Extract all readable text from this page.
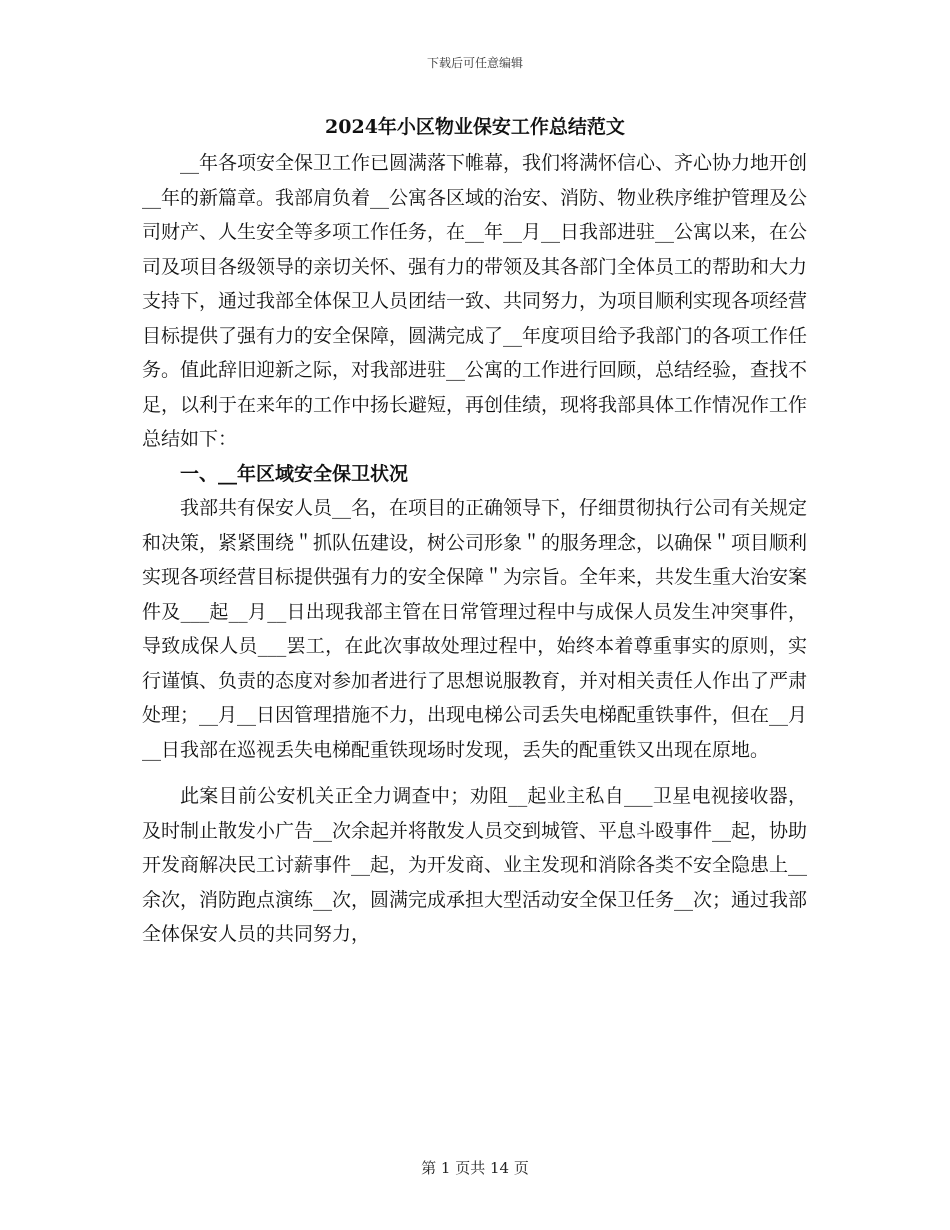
下载后可任意编辑
2024年小区物业保安工作总结范文

__年各项安全保卫工作已圆满落下帷幕，我们将满怀信心、齐心协力地开创__年的新篇章。我部肩负着__公寓各区域的治安、消防、物业秩序维护管理及公司财产、人生安全等多项工作任务，在__年__月__日我部进驻__公寓以来，在公司及项目各级领导的亲切关怀、强有力的带领及其各部门全体员工的帮助和大力支持下，通过我部全体保卫人员团结一致、共同努力，为项目顺利实现各项经营目标提供了强有力的安全保障，圆满完成了__年度项目给予我部门的各项工作任务。值此辞旧迎新之际，对我部进驻__公寓的工作进行回顾，总结经验，查找不足，以利于在来年的工作中扬长避短，再创佳绩，现将我部具体工作情况作工作总结如下：

一、__年区域安全保卫状况

我部共有保安人员__名，在项目的正确领导下，仔细贯彻执行公司有关规定和决策，紧紧围绕＂抓队伍建设，树公司形象＂的服务理念，以确保＂项目顺利实现各项经营目标提供强有力的安全保障＂为宗旨。全年来，共发生重大治安案件及___起__月__日出现我部主管在日常管理过程中与成保人员发生冲突事件，导致成保人员___罢工，在此次事故处理过程中，始终本着尊重事实的原则，实行谨慎、负责的态度对参加者进行了思想说服教育，并对相关责任人作出了严肃处理；__月__日因管理措施不力，出现电梯公司丢失电梯配重铁事件，但在__月__日我部在巡视丢失电梯配重铁现场时发现，丢失的配重铁又出现在原地。

此案目前公安机关正全力调查中；劝阻__起业主私自___卫星电视接收器，及时制止散发小广告__次余起并将散发人员交到城管、平息斗殴事件__起，协助开发商解决民工讨薪事件__起，为开发商、业主发现和消除各类不安全隐患上__余次，消防跑点演练__次，圆满完成承担大型活动安全保卫任务__次；通过我部全体保安人员的共同努力，

第 1 页共 14 页
